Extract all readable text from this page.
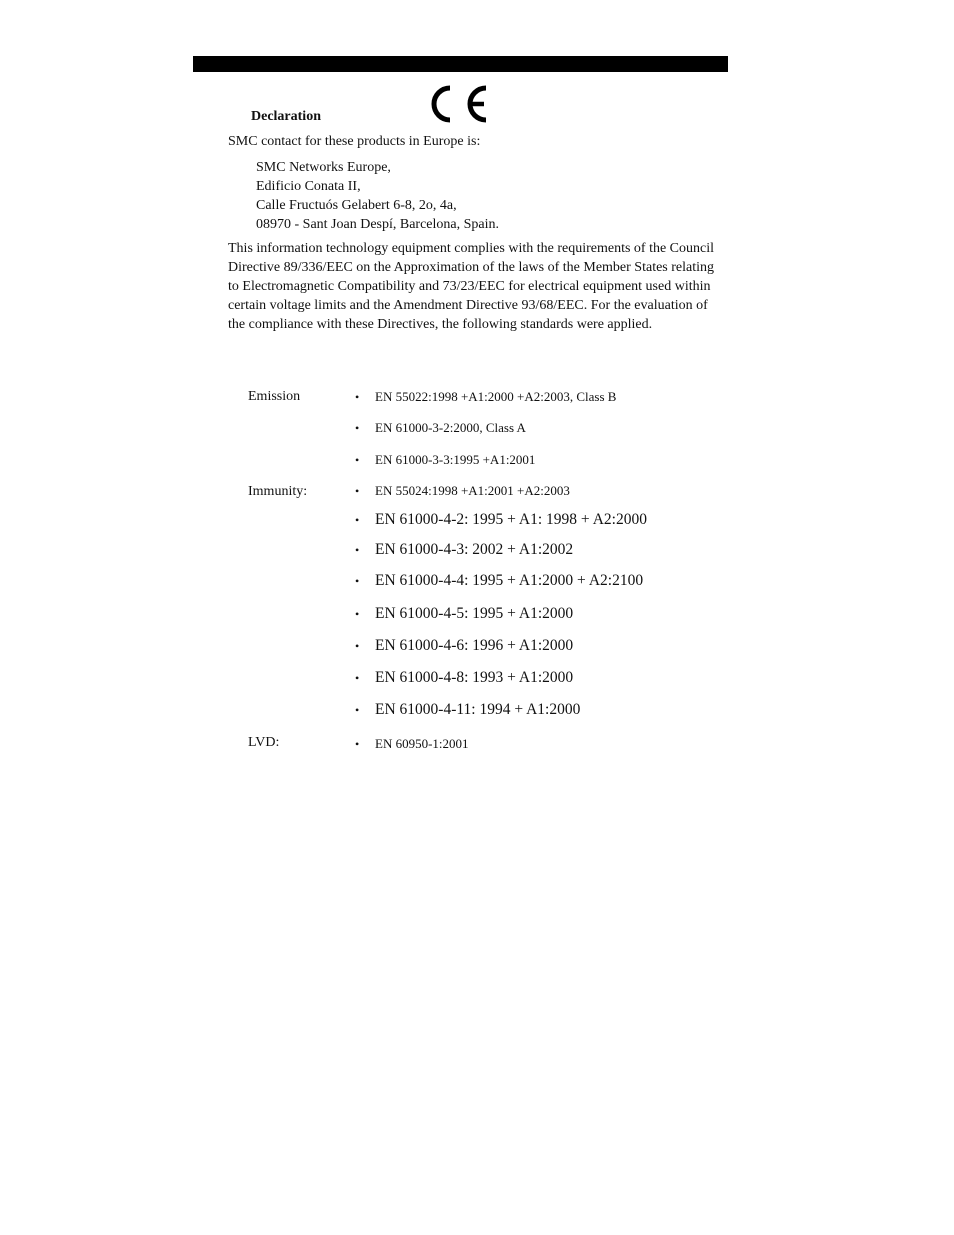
Declaration
SMC contact for these products in Europe is:
SMC Networks Europe,
Edificio Conata II,
Calle Fructuós Gelabert 6-8, 2o, 4a,
08970 - Sant Joan Despí, Barcelona, Spain.
This information technology equipment complies with the requirements of the Council Directive 89/336/EEC on the Approximation of the laws of the Member States relating to Electromagnetic Compatibility and 73/23/EEC for electrical equipment used within certain voltage limits and the Amendment Directive 93/68/EEC. For the evaluation of the compliance with these Directives, the following standards were applied.
Emission	• EN 55022:1998 +A1:2000 +A2:2003, Class B
• EN 61000-3-2:2000, Class A
• EN 61000-3-3:1995 +A1:2001
Immunity:	• EN 55024:1998 +A1:2001 +A2:2003
• EN 61000-4-2: 1995 + A1: 1998 + A2:2000
• EN 61000-4-3: 2002 + A1:2002
• EN 61000-4-4: 1995 + A1:2000 + A2:2100
• EN 61000-4-5: 1995 + A1:2000
• EN 61000-4-6: 1996 + A1:2000
• EN 61000-4-8: 1993 + A1:2000
• EN 61000-4-11: 1994 + A1:2000
LVD:	• EN 60950-1:2001
